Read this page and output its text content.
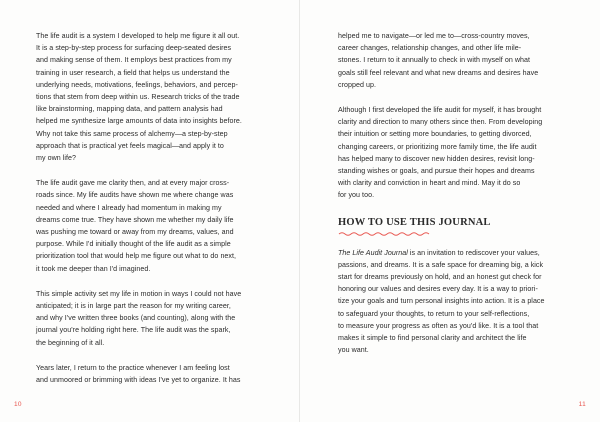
The life audit is a system I developed to help me figure it all out.
It is a step-by-step process for surfacing deep-seated desires
and making sense of them. It employs best practices from my
training in user research, a field that helps us understand the
underlying needs, motivations, feelings, behaviors, and percep-
tions that stem from deep within us. Research tricks of the trade
like brainstorming, mapping data, and pattern analysis had
helped me synthesize large amounts of data into insights before.
Why not take this same process of alchemy—a step-by-step
approach that is practical yet feels magical—and apply it to
my own life?

The life audit gave me clarity then, and at every major cross-
roads since. My life audits have shown me where change was
needed and where I already had momentum in making my
dreams come true. They have shown me whether my daily life
was pushing me toward or away from my dreams, values, and
purpose. While I'd initially thought of the life audit as a simple
prioritization tool that would help me figure out what to do next,
it took me deeper than I'd imagined.

This simple activity set my life in motion in ways I could not have
anticipated; it is in large part the reason for my writing career,
and why I've written three books (and counting), along with the
journal you're holding right here. The life audit was the spark,
the beginning of it all.

Years later, I return to the practice whenever I am feeling lost
and unmoored or brimming with ideas I've yet to organize. It has

10

helped me to navigate—or led me to—cross-country moves,
career changes, relationship changes, and other life mile-
stones. I return to it annually to check in with myself on what
goals still feel relevant and what new dreams and desires have
cropped up.

Although I first developed the life audit for myself, it has brought
clarity and direction to many others since then. From developing
their intuition or setting more boundaries, to getting divorced,
changing careers, or prioritizing more family time, the life audit
has helped many to discover new hidden desires, revisit long-
standing wishes or goals, and pursue their hopes and dreams
with clarity and conviction in heart and mind. May it do so
for you too.

HOW TO USE THIS JOURNAL

The Life Audit Journal is an invitation to rediscover your values,
passions, and dreams. It is a safe space for dreaming big, a kick
start for dreams previously on hold, and an honest gut check for
honoring our values and desires every day. It is a way to priori-
tize your goals and turn personal insights into action. It is a place
to safeguard your thoughts, to return to your self-reflections,
to measure your progress as often as you'd like. It is a tool that
makes it simple to find personal clarity and architect the life
you want.

11
